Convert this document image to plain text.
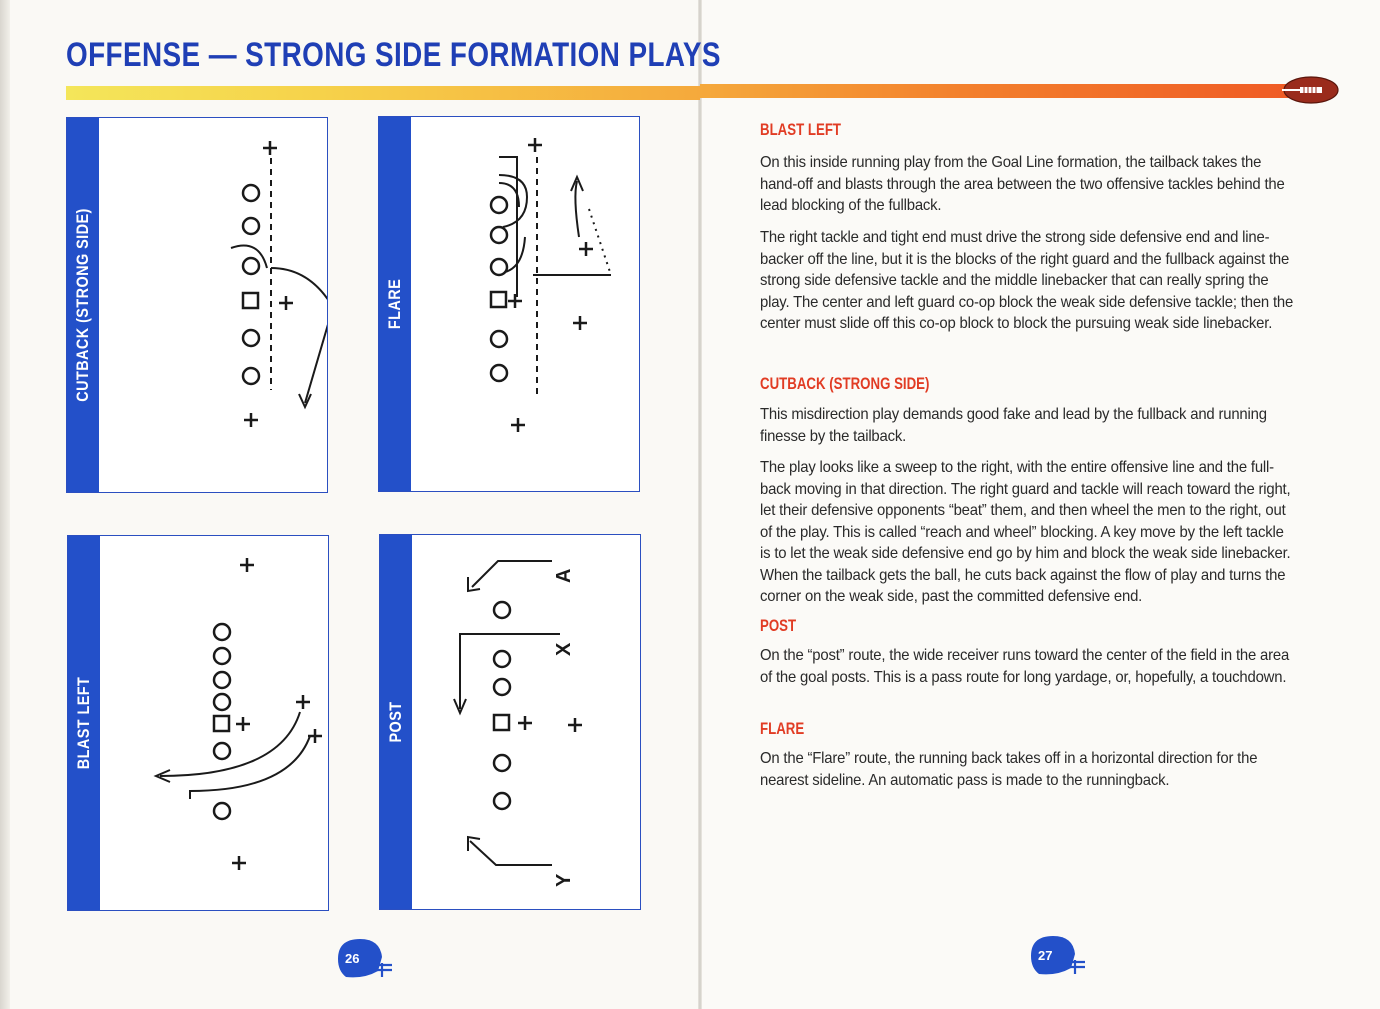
OFFENSE — STRONG SIDE FORMATION PLAYS
CUTBACK (STRONG SIDE)	FLARE
BLAST LEFT	POST
A
X
Y
26
BLAST LEFT
On this inside running play from the Goal Line formation, the tailback takes the hand-off and blasts through the area between the two offensive tackles behind the lead blocking of the fullback.
The right tackle and tight end must drive the strong side defensive end and line-backer off the line, but it is the blocks of the right guard and the fullback against the strong side defensive tackle and the middle linebacker that can really spring the play. The center and left guard co-op block the weak side defensive tackle; then the center must slide off this co-op block to block the pursuing weak side linebacker.
CUTBACK (STRONG SIDE)
This misdirection play demands good fake and lead by the fullback and running finesse by the tailback.
The play looks like a sweep to the right, with the entire offensive line and the full-back moving in that direction. The right guard and tackle will reach toward the right, let their defensive opponents “beat” them, and then wheel the men to the right, out of the play. This is called “reach and wheel” blocking. A key move by the left tackle is to let the weak side defensive end go by him and block the weak side linebacker. When the tailback gets the ball, he cuts back against the flow of play and turns the corner on the weak side, past the committed defensive end.
POST
On the “post” route, the wide receiver runs toward the center of the field in the area of the goal posts. This is a pass route for long yardage, or, hopefully, a touchdown.
FLARE
On the “Flare” route, the running back takes off in a horizontal direction for the nearest sideline. An automatic pass is made to the runningback.
27
